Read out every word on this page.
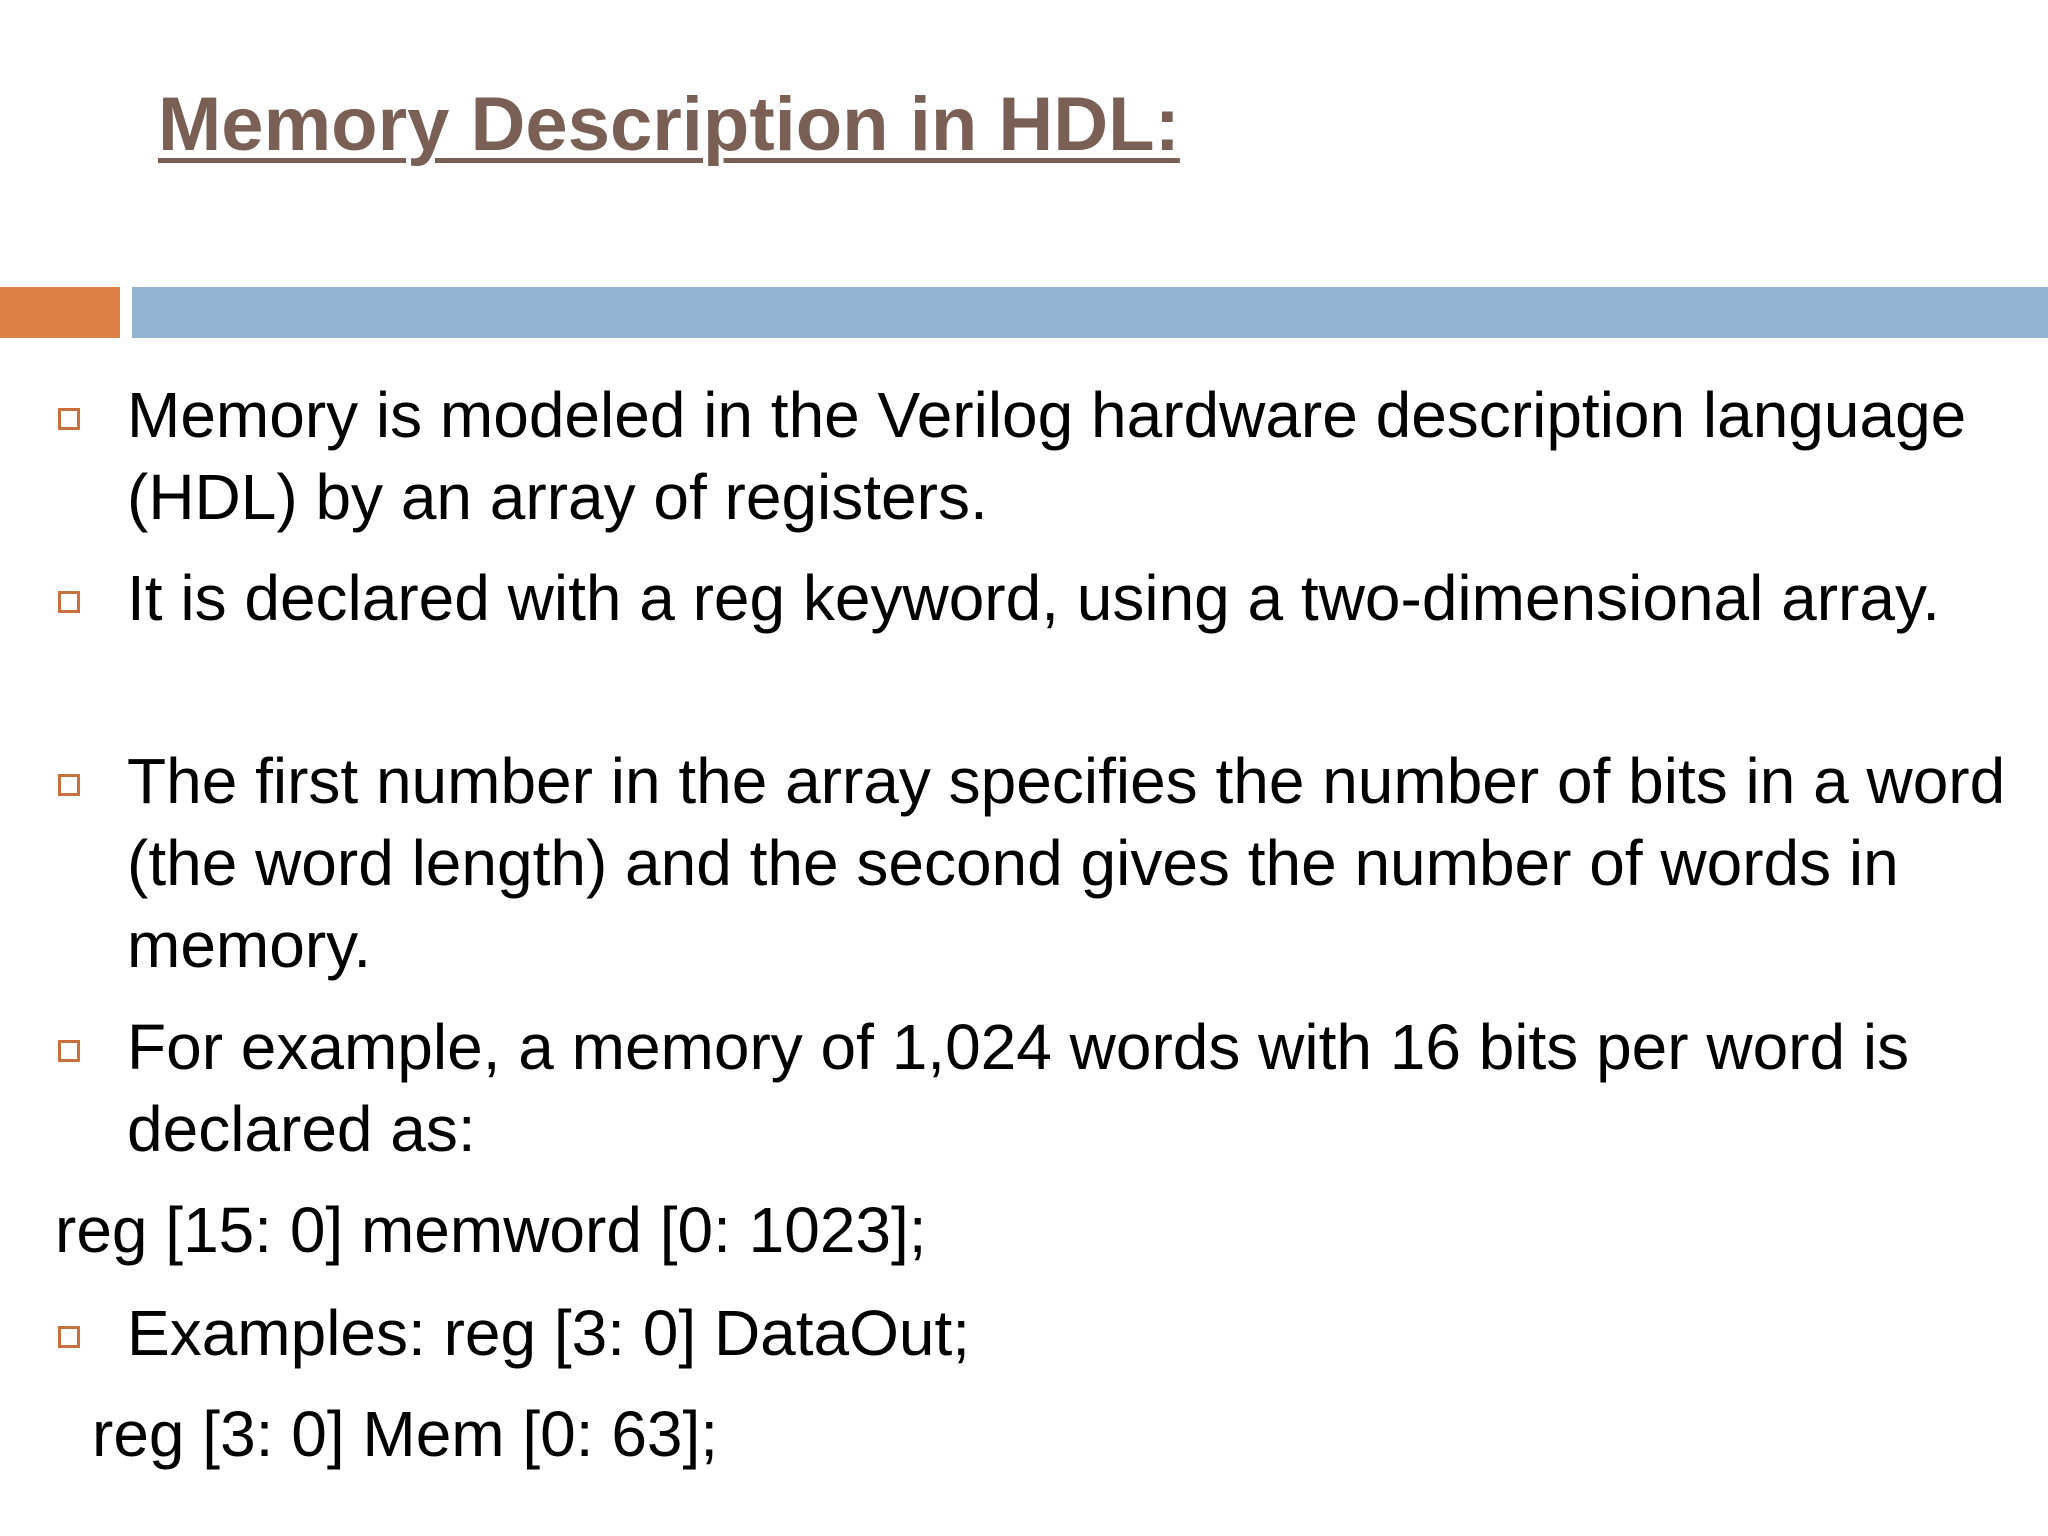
Memory Description in HDL:

Memory is modeled in the Verilog hardware description language (HDL) by an array of registers.

It is declared with a reg keyword, using a two-dimensional array.

The first number in the array specifies the number of bits in a word (the word length) and the second gives the number of words in memory.

For example, a memory of 1,024 words with 16 bits per word is declared as:

reg [15: 0] memword [0: 1023];

Examples: reg [3: 0] DataOut;

reg [3: 0] Mem [0: 63];
